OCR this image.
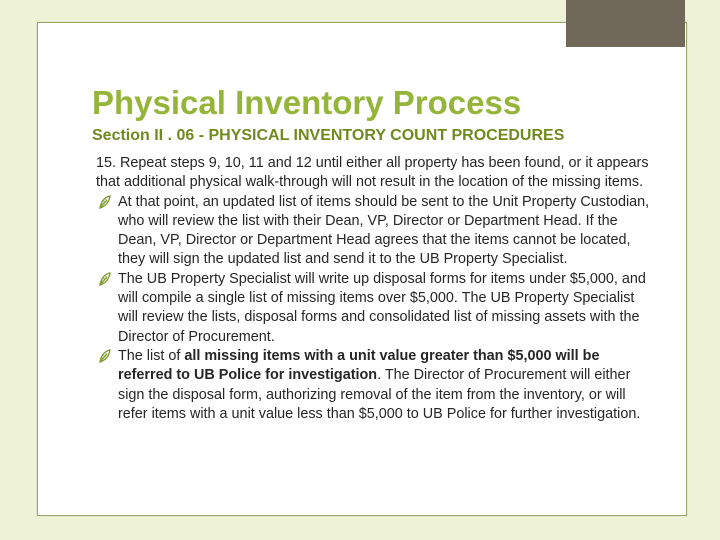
Physical Inventory Process
Section II . 06 - PHYSICAL INVENTORY COUNT PROCEDURES

15. Repeat steps 9, 10, 11 and 12 until either all property has been found, or it appears that additional physical walk-through will not result in the location of the missing items.

At that point, an updated list of items should be sent to the Unit Property Custodian, who will review the list with their Dean, VP, Director or Department Head. If the Dean, VP, Director or Department Head agrees that the items cannot be located, they will sign the updated list and send it to the UB Property Specialist.
The UB Property Specialist will write up disposal forms for items under $5,000, and will compile a single list of missing items over $5,000. The UB Property Specialist will review the lists, disposal forms and consolidated list of missing assets with the Director of Procurement.
The list of all missing items with a unit value greater than $5,000 will be referred to UB Police for investigation. The Director of Procurement will either sign the disposal form, authorizing removal of the item from the inventory, or will refer items with a unit value less than $5,000 to UB Police for further investigation.
